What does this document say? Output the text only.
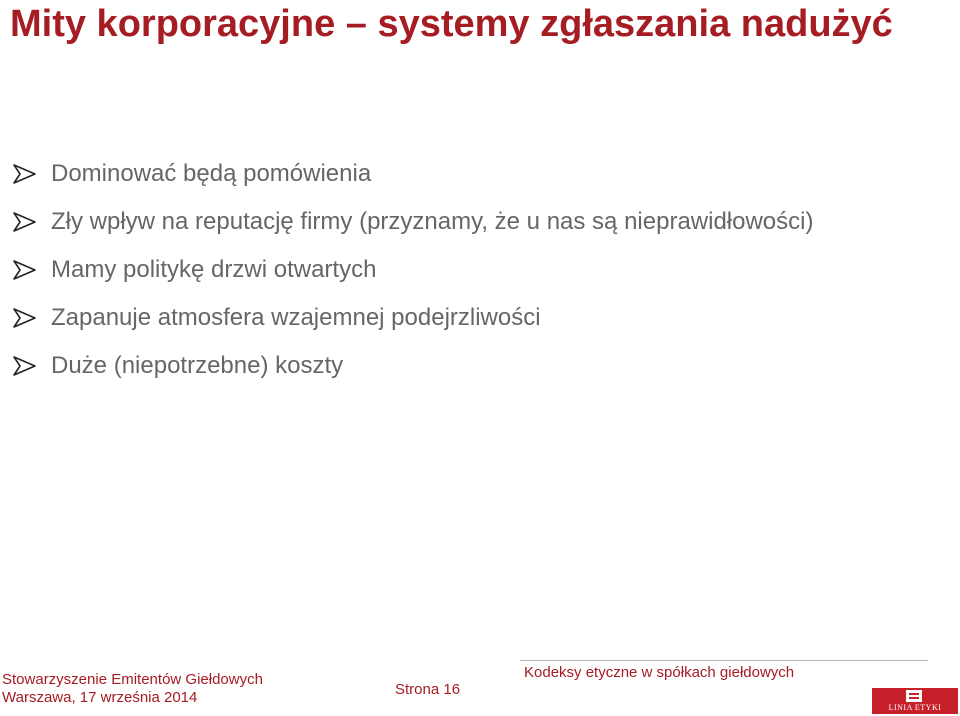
Mity korporacyjne – systemy zgłaszania nadużyć
Dominować będą pomówienia
Zły wpływ na reputację firmy (przyznamy, że u nas są nieprawidłowości)
Mamy politykę drzwi otwartych
Zapanuje atmosfera wzajemnej podejrzliwości
Duże (niepotrzebne) koszty
Stowarzyszenie Emitentów Giełdowych
Warszawa, 17 września 2014	Strona 16
Kodeksy etyczne w spółkach giełdowych
LINIA ETYKI
